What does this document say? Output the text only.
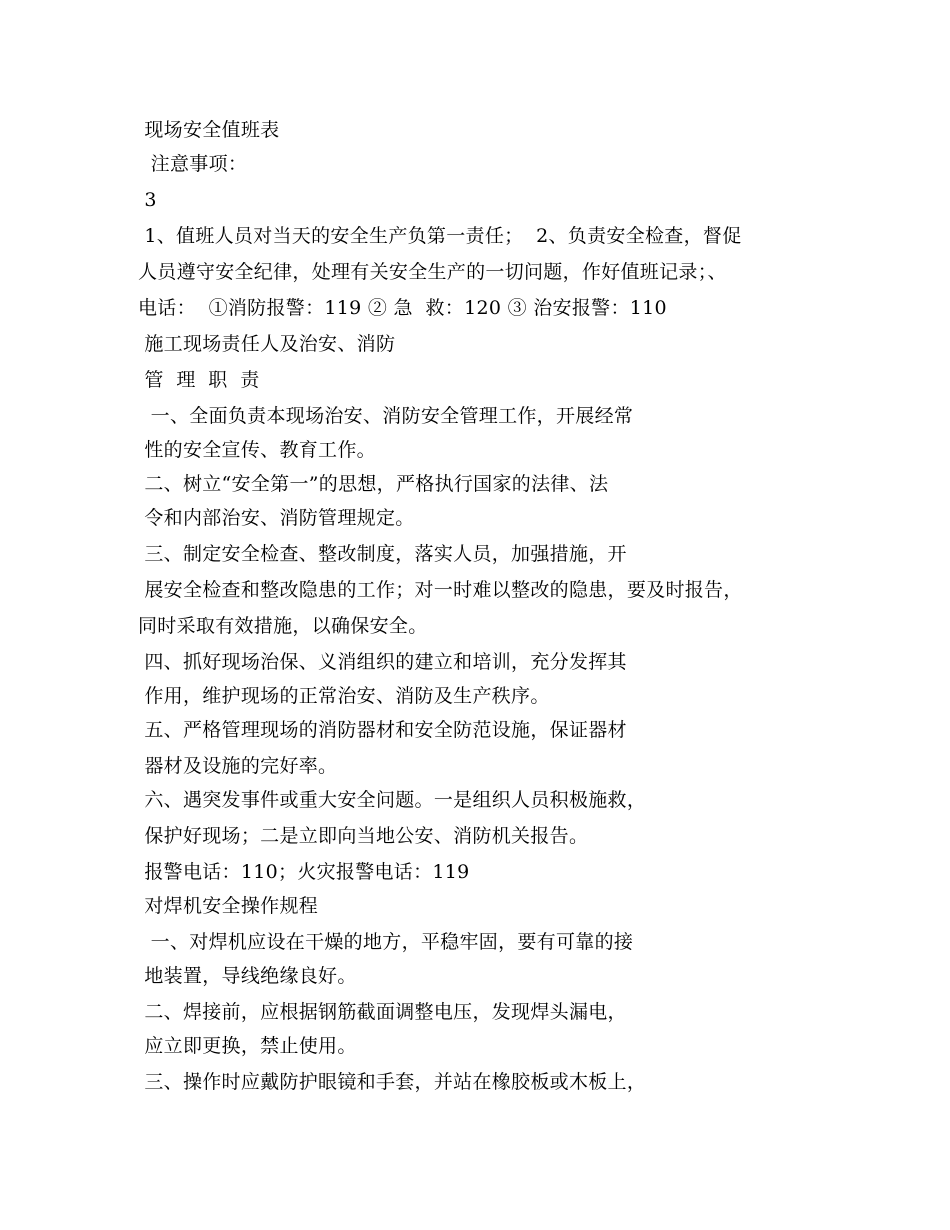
现场安全值班表
注意事项：
3
1、值班人员对当天的安全生产负第一责任；  2、负责安全检查，督促
人员遵守安全纪律，处理有关安全生产的一切问题，作好值班记录；、
电话：  ①消防报警：119 ② 急  救：120 ③ 治安报警：110
施工现场责任人及治安、消防
管  理  职  责
一、全面负责本现场治安、消防安全管理工作，开展经常
性的安全宣传、教育工作。
二、树立“安全第一”的思想，严格执行国家的法律、法
令和内部治安、消防管理规定。
三、制定安全检查、整改制度，落实人员，加强措施，开
展安全检查和整改隐患的工作；对一时难以整改的隐患，要及时报告，
同时采取有效措施，以确保安全。
四、抓好现场治保、义消组织的建立和培训，充分发挥其
作用，维护现场的正常治安、消防及生产秩序。
五、严格管理现场的消防器材和安全防范设施，保证器材
器材及设施的完好率。
六、遇突发事件或重大安全问题。一是组织人员积极施救，
保护好现场；二是立即向当地公安、消防机关报告。
报警电话：110；火灾报警电话：119
对焊机安全操作规程
一、对焊机应设在干燥的地方，平稳牢固，要有可靠的接
地装置，导线绝缘良好。
二、焊接前，应根据钢筋截面调整电压，发现焊头漏电，
应立即更换，禁止使用。
三、操作时应戴防护眼镜和手套，并站在橡胶板或木板上，
